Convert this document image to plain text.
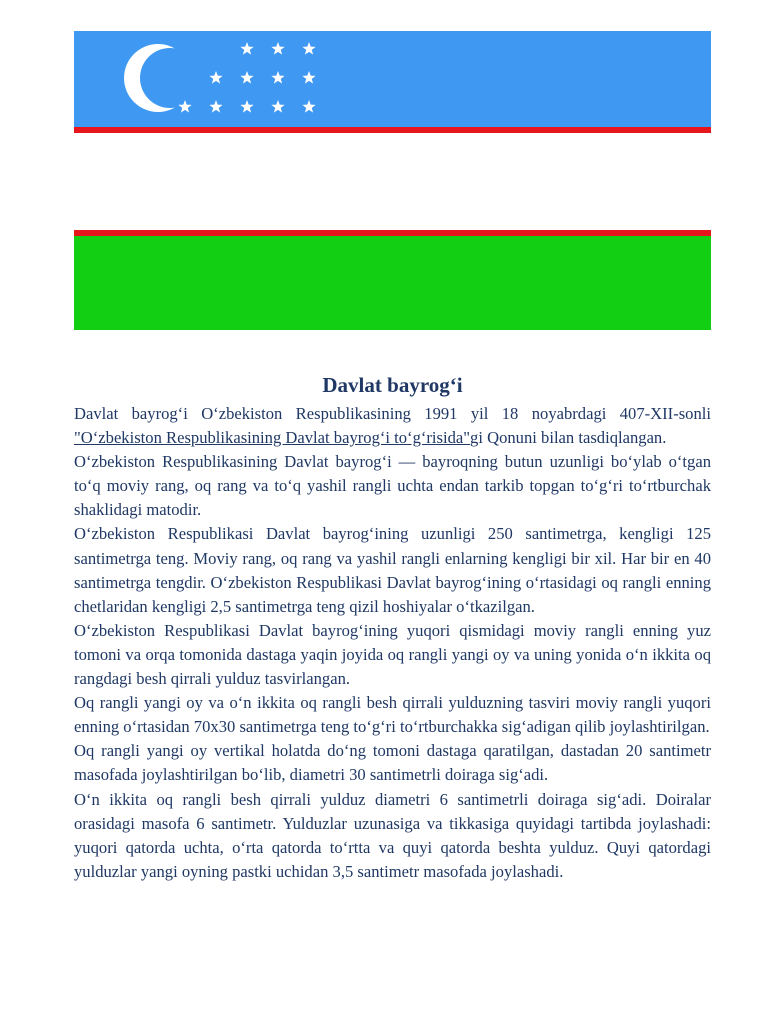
Davlat bayrog‘i

Davlat bayrog‘i O‘zbekiston Respublikasining 1991 yil 18 noyabrdagi 407-XII-sonli "O‘zbekiston Respublikasining Davlat bayrog‘i to‘g‘risida"gi Qonuni bilan tasdiqlangan.

O‘zbekiston Respublikasining Davlat bayrog‘i — bayroqning butun uzunligi bo‘ylab o‘tgan to‘q moviy rang, oq rang va to‘q yashil rangli uchta endan tarkib topgan to‘g‘ri to‘rtburchak shaklidagi matodir.

O‘zbekiston Respublikasi Davlat bayrog‘ining uzunligi 250 santimetrga, kengligi 125 santimetrga teng. Moviy rang, oq rang va yashil rangli enlarning kengligi bir xil. Har bir en 40 santimetrga tengdir. O‘zbekiston Respublikasi Davlat bayrog‘ining o‘rtasidagi oq rangli enning chetlaridan kengligi 2,5 santimetrga teng qizil hoshiyalar o‘tkazilgan.

O‘zbekiston Respublikasi Davlat bayrog‘ining yuqori qismidagi moviy rangli enning yuz tomoni va orqa tomonida dastaga yaqin joyida oq rangli yangi oy va uning yonida o‘n ikkita oq rangdagi besh qirrali yulduz tasvirlangan.

Oq rangli yangi oy va o‘n ikkita oq rangli besh qirrali yulduzning tasviri moviy rangli yuqori enning o‘rtasidan 70x30 santimetrga teng to‘g‘ri to‘rtburchakka sig‘adigan qilib joylashtirilgan.

Oq rangli yangi oy vertikal holatda do‘ng tomoni dastaga qaratilgan, dastadan 20 santimetr masofada joylashtirilgan bo‘lib, diametri 30 santimetrli doiraga sig‘adi.

O‘n ikkita oq rangli besh qirrali yulduz diametri 6 santimetrli doiraga sig‘adi. Doiralar orasidagi masofa 6 santimetr. Yulduzlar uzunasiga va tikkasiga quyidagi tartibda joylashadi: yuqori qatorda uchta, o‘rta qatorda to‘rtta va quyi qatorda beshta yulduz. Quyi qatordagi yulduzlar yangi oyning pastki uchidan 3,5 santimetr masofada joylashadi.
